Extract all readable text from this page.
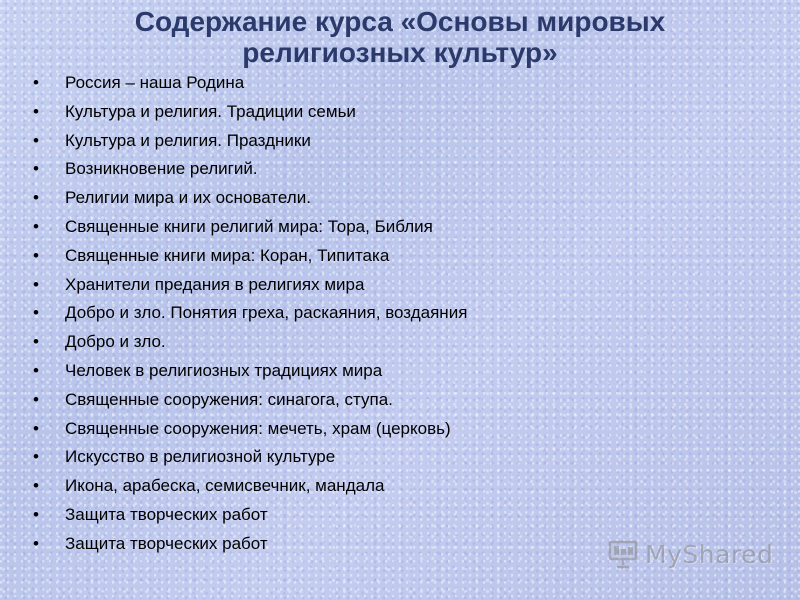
Содержание курса «Основы мировых
религиозных культур»
• Россия – наша Родина
• Культура и религия. Традиции семьи
• Культура и религия. Праздники
• Возникновение религий.
• Религии мира и их основатели.
• Священные книги религий мира: Тора, Библия
• Священные книги мира: Коран, Типитака
• Хранители предания в религиях мира
• Добро и зло. Понятия греха, раскаяния, воздаяния
• Добро и зло.
• Человек в религиозных традициях мира
• Священные сооружения: синагога, ступа.
• Священные сооружения: мечеть, храм (церковь)
• Искусство в религиозной культуре
• Икона, арабеска, семисвечник, мандала
• Защита творческих работ
• Защита творческих работ	MyShared
